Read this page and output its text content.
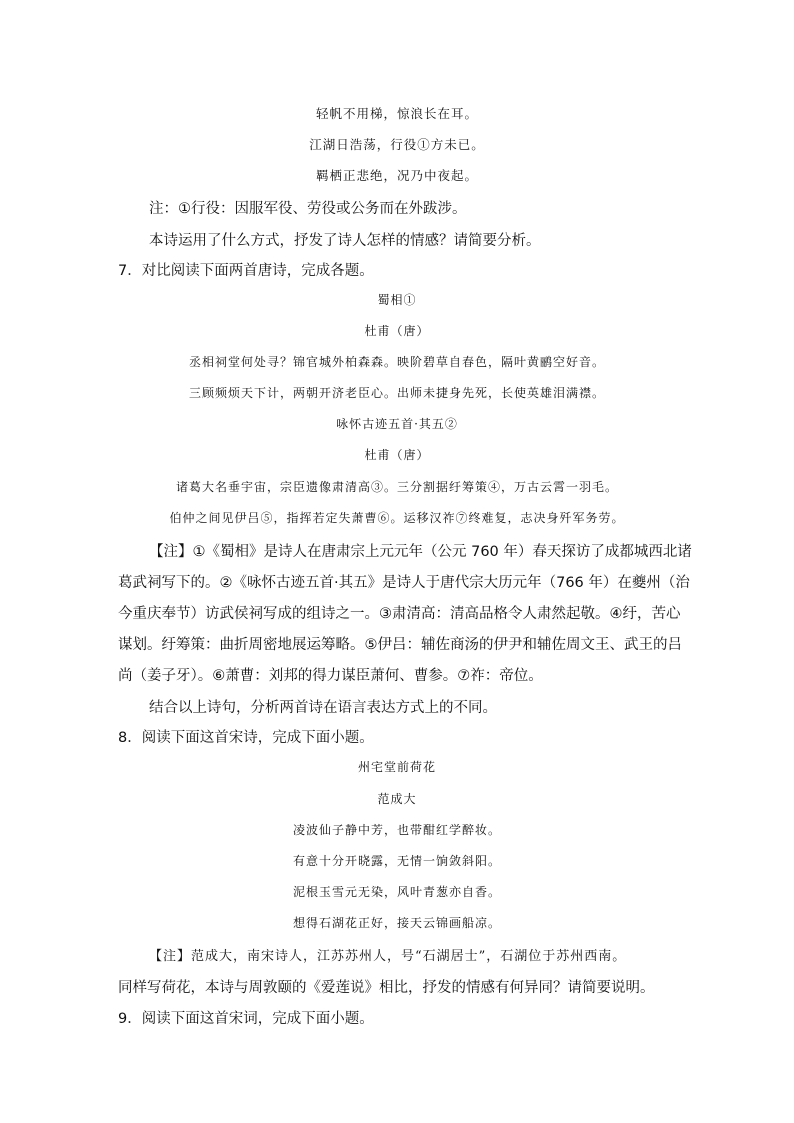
轻帆不用梯，惊浪长在耳。
江湖日浩荡，行役①方未已。
羁栖正悲绝，况乃中夜起。
注：①行役：因服军役、劳役或公务而在外跋涉。
本诗运用了什么方式，抒发了诗人怎样的情感？请简要分析。
7．对比阅读下面两首唐诗，完成各题。
蜀相①
杜甫（唐）
丞相祠堂何处寻？锦官城外柏森森。映阶碧草自春色，隔叶黄鹂空好音。
三顾频烦天下计，两朝开济老臣心。出师未捷身先死，长使英雄泪满襟。
咏怀古迹五首·其五②
杜甫（唐）
诸葛大名垂宇宙，宗臣遗像肃清高③。三分割据纡筹策④，万古云霄一羽毛。
伯仲之间见伊吕⑤，指挥若定失萧曹⑥。运移汉祚⑦终难复，志决身歼军务劳。
【注】①《蜀相》是诗人在唐肃宗上元元年（公元 760 年）春天探访了成都城西北诸
葛武祠写下的。②《咏怀古迹五首·其五》是诗人于唐代宗大历元年（766 年）在夔州（治
今重庆奉节）访武侯祠写成的组诗之一。③肃清高：清高品格令人肃然起敬。④纡，苦心
谋划。纡筹策：曲折周密地展运筹略。⑤伊吕：辅佐商汤的伊尹和辅佐周文王、武王的吕
尚（姜子牙）。⑥萧曹：刘邦的得力谋臣萧何、曹参。⑦祚：帝位。
结合以上诗句，分析两首诗在语言表达方式上的不同。
8．阅读下面这首宋诗，完成下面小题。
州宅堂前荷花
范成大
凌波仙子静中芳，也带酣红学醉妆。
有意十分开晓露，无情一饷敛斜阳。
泥根玉雪元无染，风叶青葱亦自香。
想得石湖花正好，接天云锦画船凉。
【注】范成大，南宋诗人，江苏苏州人，号“石湖居士”，石湖位于苏州西南。
同样写荷花，本诗与周敦颐的《爱莲说》相比，抒发的情感有何异同？请简要说明。
9．阅读下面这首宋词，完成下面小题。
